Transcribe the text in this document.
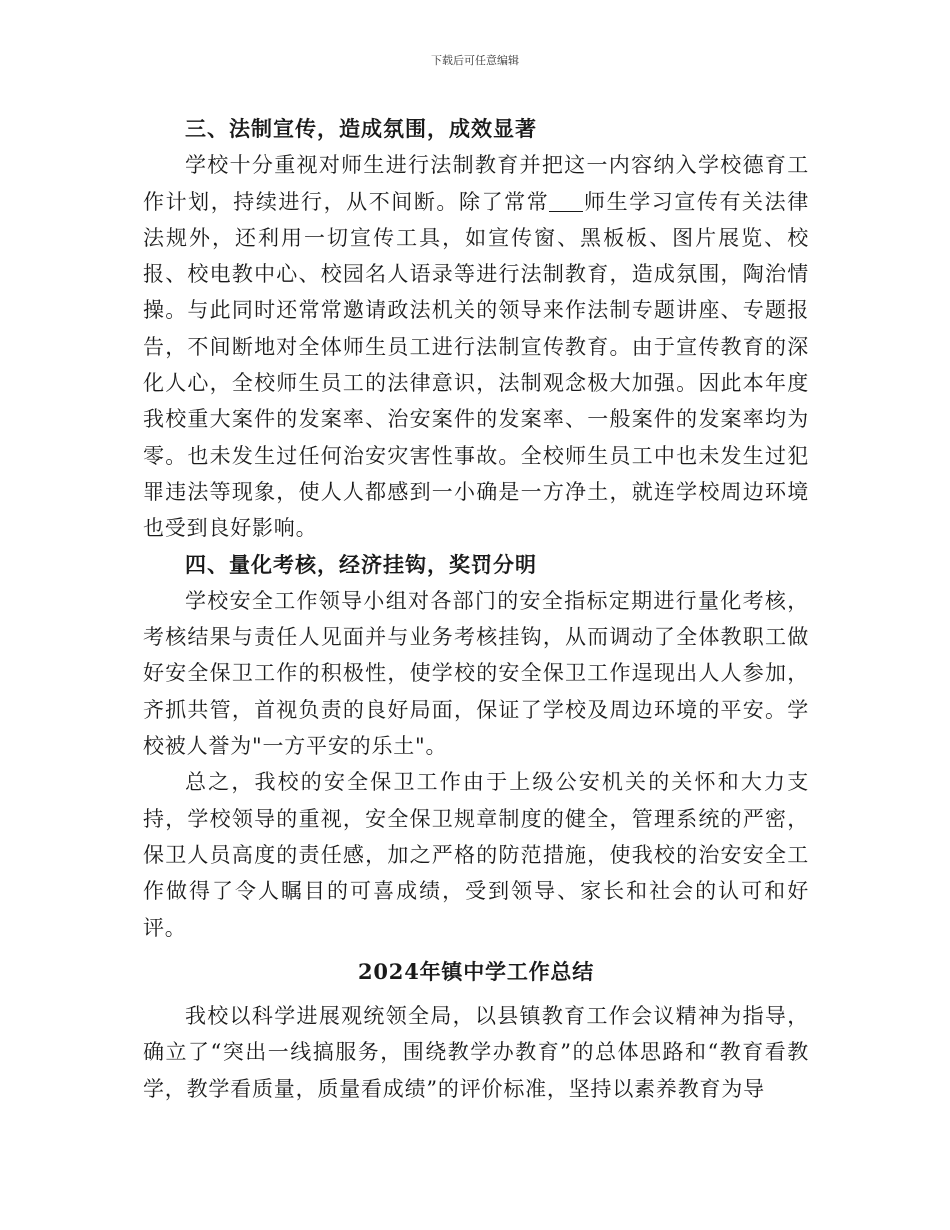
下载后可任意编辑

三、法制宣传，造成氛围，成效显著

学校十分重视对师生进行法制教育并把这一内容纳入学校德育工作计划，持续进行，从不间断。除了常常 师生学习宣传有关法律法规外，还利用一切宣传工具，如宣传窗、黑板板、图片展览、校报、校电教中心、校园名人语录等进行法制教育，造成氛围，陶治情操。与此同时还常常邀请政法机关的领导来作法制专题讲座、专题报告，不间断地对全体师生员工进行法制宣传教育。由于宣传教育的深化人心，全校师生员工的法律意识，法制观念极大加强。因此本年度我校重大案件的发案率、治安案件的发案率、一般案件的发案率均为零。也未发生过任何治安灾害性事故。全校师生员工中也未发生过犯罪违法等现象，使人人都感到一小确是一方净土，就连学校周边环境也受到良好影响。

四、量化考核，经济挂钩，奖罚分明

学校安全工作领导小组对各部门的安全指标定期进行量化考核，考核结果与责任人见面并与业务考核挂钩，从而调动了全体教职工做好安全保卫工作的积极性，使学校的安全保卫工作逞现出人人参加，齐抓共管，首视负责的良好局面，保证了学校及周边环境的平安。学校被人誉为"一方平安的乐土"。

总之，我校的安全保卫工作由于上级公安机关的关怀和大力支持，学校领导的重视，安全保卫规章制度的健全，管理系统的严密，保卫人员高度的责任感，加之严格的防范措施，使我校的治安安全工作做得了令人瞩目的可喜成绩，受到领导、家长和社会的认可和好评。

2024年镇中学工作总结

我校以科学进展观统领全局，以县镇教育工作会议精神为指导，确立了“突出一线搞服务，围绕教学办教育”的总体思路和“教育看教学，教学看质量，质量看成绩”的评价标准，坚持以素养教育为导
